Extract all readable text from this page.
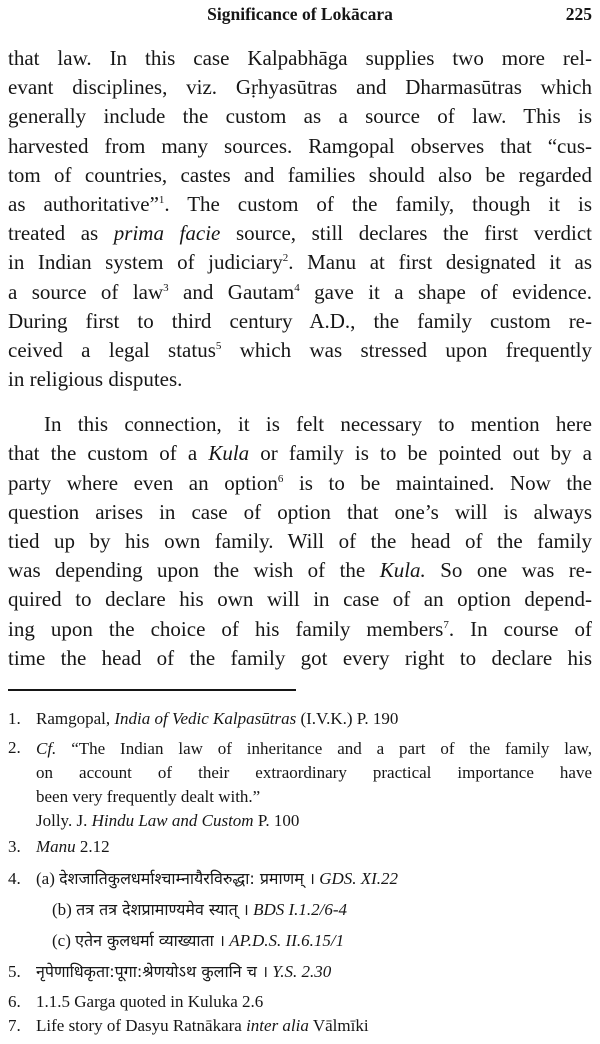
Significance of Lokācara	225
that law. In this case Kalpabhāga supplies two more rel-
evant disciplines, viz. Gṛhyasūtras and Dharmasūtras which
generally include the custom as a source of law. This is
harvested from many sources. Ramgopal observes that “cus-
tom of countries, castes and families should also be regarded
as authoritative”$^1$. The custom of the family, though it is
treated as prima facie source, still declares the first verdict
in Indian system of judiciary$^2$. Manu at first designated it as
a source of law$^3$ and Gautam$^4$ gave it a shape of evidence.
During first to third century A.D., the family custom re-
ceived a legal status$^5$ which was stressed upon frequently
in religious disputes.
In this connection, it is felt necessary to mention here
that the custom of a Kula or family is to be pointed out by a
party where even an option$^6$ is to be maintained. Now the
question arises in case of option that one’s will is always
tied up by his own family. Will of the head of the family
was depending upon the wish of the Kula. So one was re-
quired to declare his own will in case of an option depend-
ing upon the choice of his family members$^7$. In course of
time the head of the family got every right to declare his
1. Ramgopal, India of Vedic Kalpasūtras (I.V.K.) P. 190
2. Cf. “The Indian law of inheritance and a part of the family law,
on account of their extraordinary practical importance have
been very frequently dealt with.”
Jolly. J. Hindu Law and Custom P. 100
3. Manu 2.12
4. (a) देशजातिकुलधर्माश्चाम्नायैरविरुद्धा: प्रमाणम् । GDS. XI.22
(b) तत्र तत्र देशप्रामाण्यमेव स्यात् । BDS I.1.2/6-4
(c) एतेन कुलधर्मा व्याख्याता । AP.D.S. II.6.15/1
5. नृपेणाधिकृता:पूगा:श्रेणयोऽथ कुलानि च । Y.S. 2.30
6. 1.1.5 Garga quoted in Kuluka 2.6
7. Life story of Dasyu Ratnākara inter alia Vālmīki
